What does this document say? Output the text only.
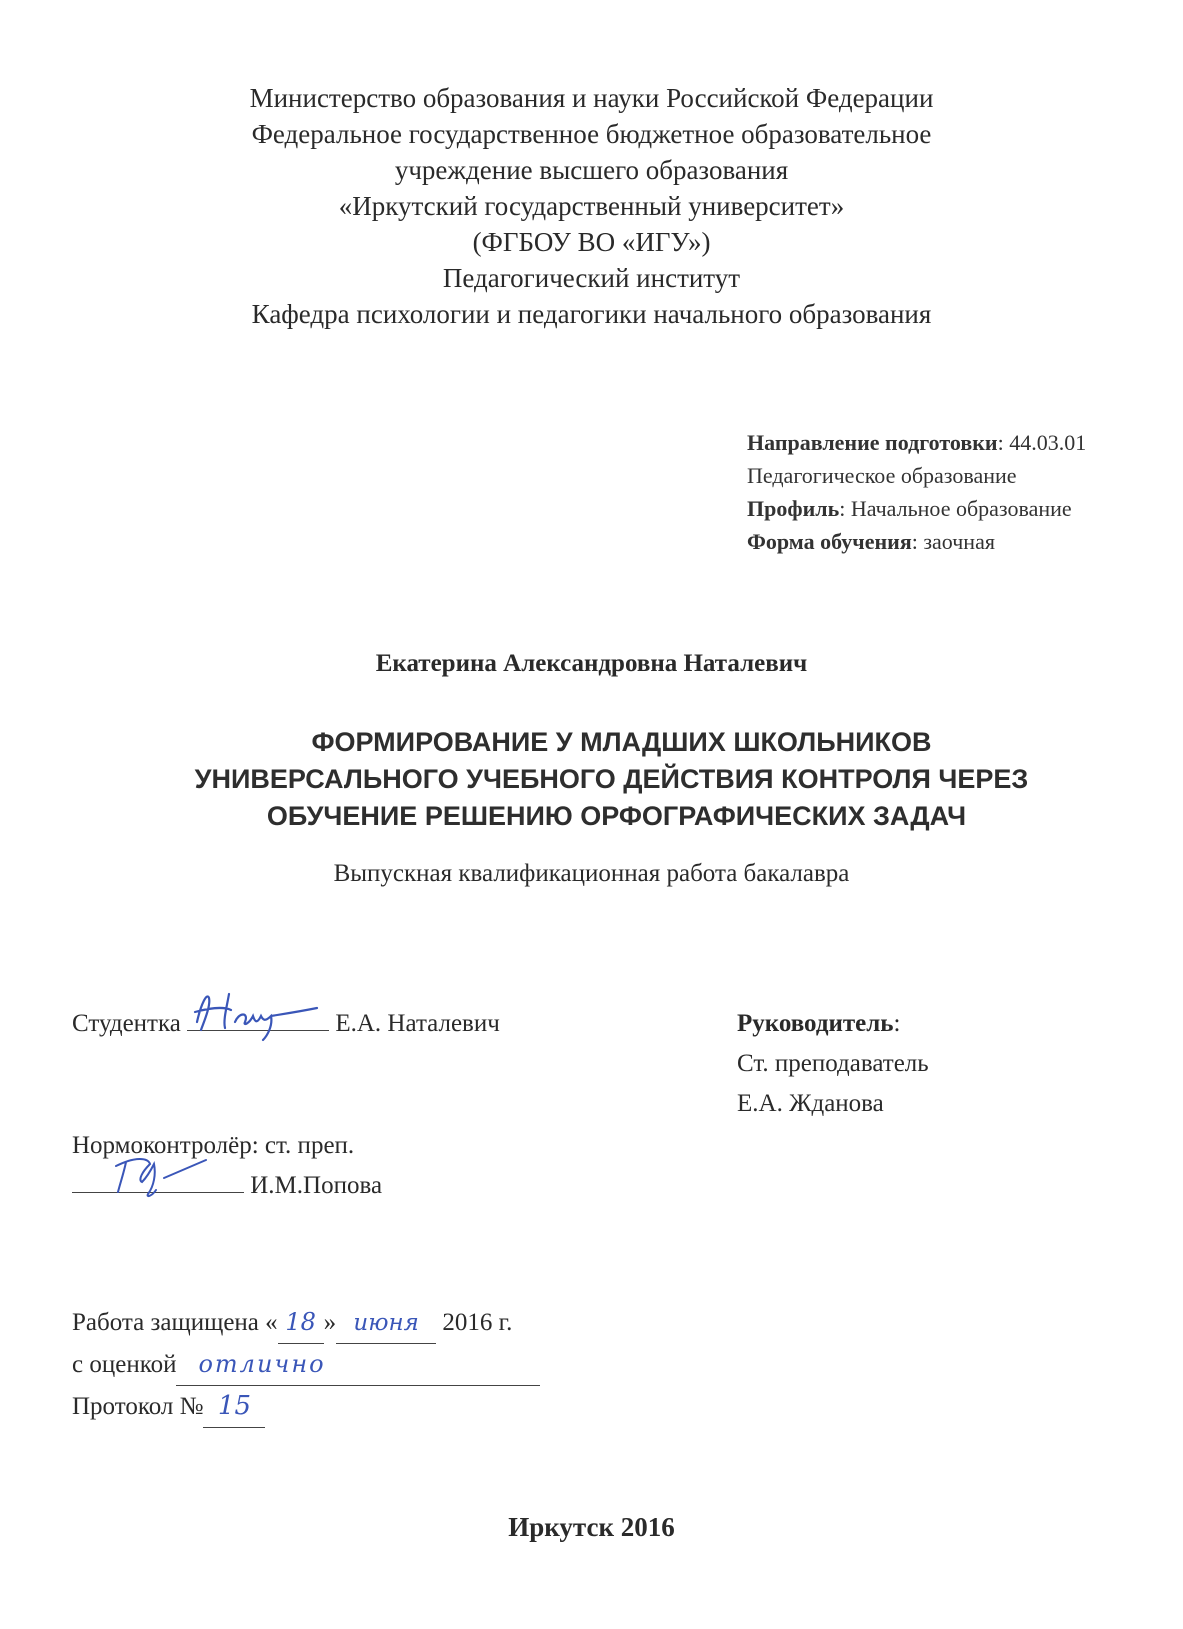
Министерство образования и науки Российской Федерации
Федеральное государственное бюджетное образовательное
учреждение высшего образования
«Иркутский государственный университет»
(ФГБОУ ВО «ИГУ»)
Педагогический институт
Кафедра психологии и педагогики начального образования
Направление подготовки: 44.03.01
Педагогическое образование
Профиль: Начальное образование
Форма обучения: заочная
Екатерина Александровна Наталевич
ФОРМИРОВАНИЕ У МЛАДШИХ ШКОЛЬНИКОВ
УНИВЕРСАЛЬНОГО УЧЕБНОГО ДЕЙСТВИЯ КОНТРОЛЯ ЧЕРЕЗ
ОБУЧЕНИЕ РЕШЕНИЮ ОРФОГРАФИЧЕСКИХ ЗАДАЧ
Выпускная квалификационная работа бакалавра
Студентка	Е.А. Наталевич	Руководитель:
Ст. преподаватель
Е.А. Жданова
Нормоконтролёр: ст. преп.
И.М.Попова
Работа защищена « 18 » июня 2016 г.
с оценкой отлично
Протокол № 15
Иркутск 2016
